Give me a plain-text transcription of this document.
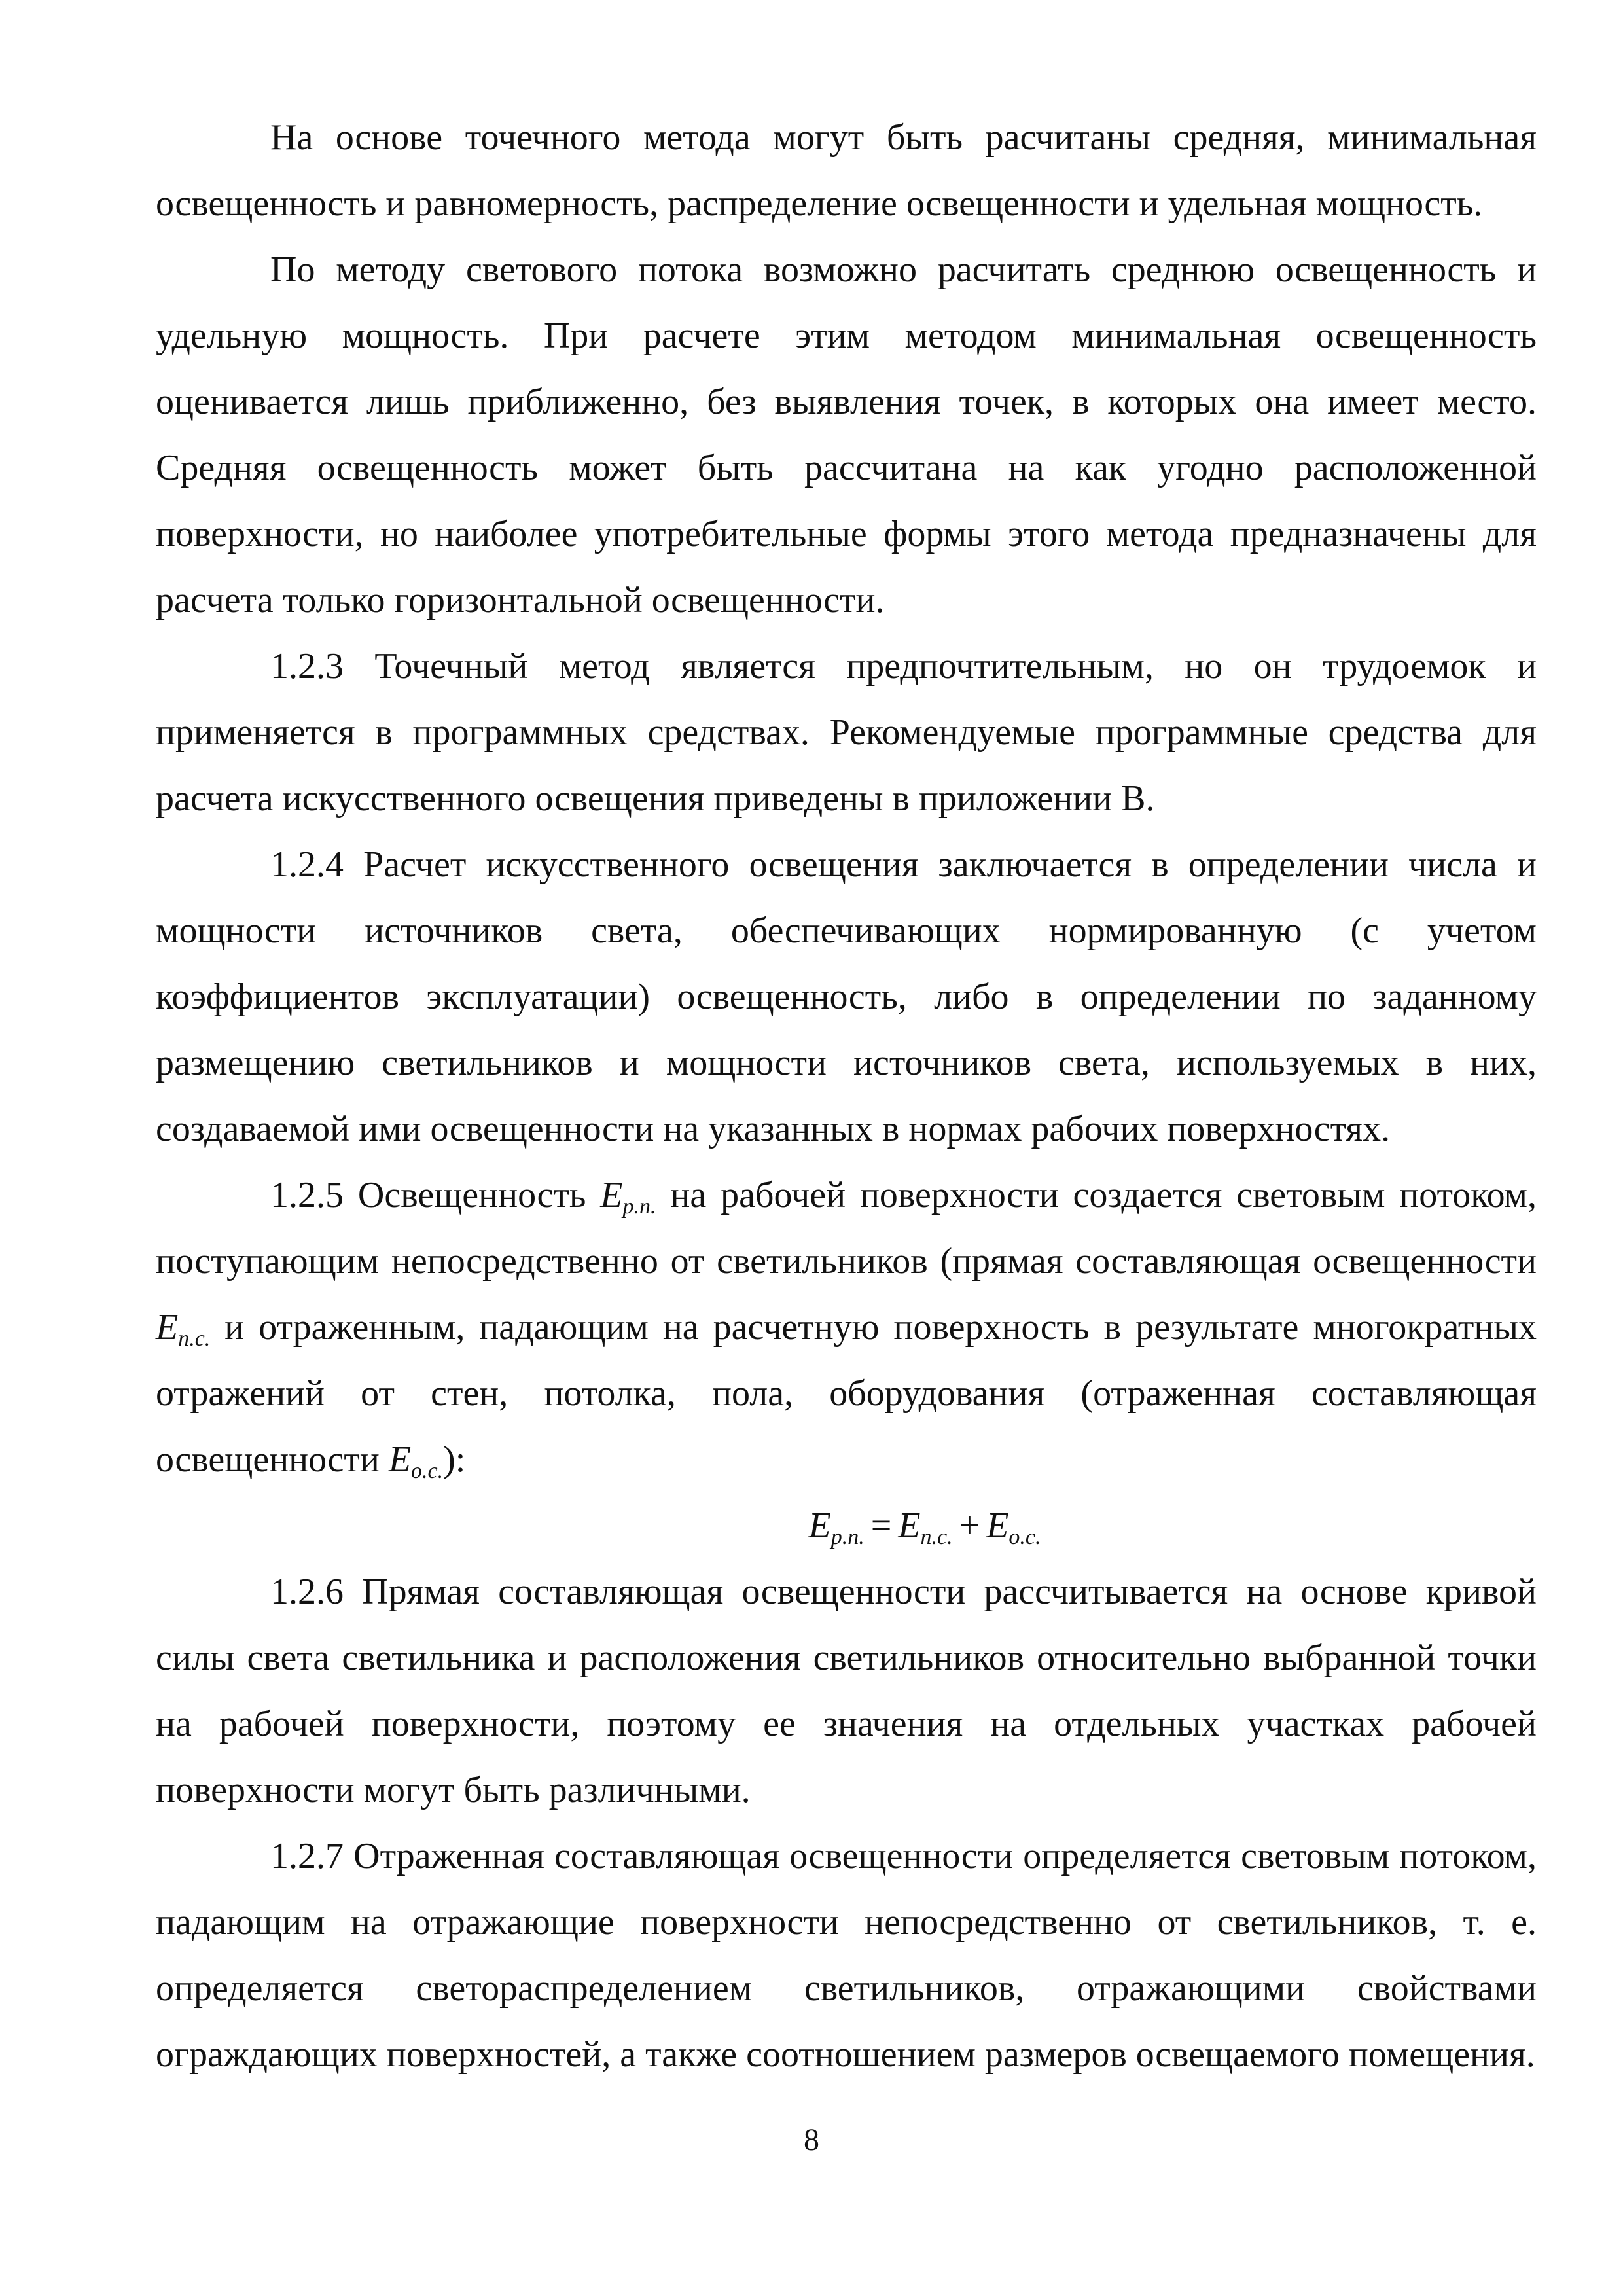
На основе точечного метода могут быть расчитаны средняя, минимальная освещенность и равномерность, распределение освещенности и удельная мощность.

По методу светового потока возможно расчитать среднюю освещенность и удельную мощность. При расчете этим методом минимальная освещенность оценивается лишь приближенно, без выявления точек, в которых она имеет место. Средняя освещенность может быть рассчитана на как угодно расположенной поверхности, но наиболее употребительные формы этого метода предназначены для расчета только горизонтальной освещенности.

1.2.3 Точечный метод является предпочтительным, но он трудоемок и применяется в программных средствах. Рекомендуемые программные средства для расчета искусственного освещения приведены в приложении В.

1.2.4 Расчет искусственного освещения заключается в определении числа и мощности источников света, обеспечивающих нормированную (с учетом коэффициентов эксплуатации) освещенность, либо в определении по заданному размещению светильников и мощности источников света, используемых в них, создаваемой ими освещенности на указанных в нормах рабочих поверхностях.

1.2.5 Освещенность $E_{р.п.}$ на рабочей поверхности создается световым потоком, поступающим непосредственно от светильников (прямая составляющая освещенности $E_{п.с.}$ и отраженным, падающим на расчетную поверхность в результате многократных отражений от стен, потолка, пола, оборудования (отраженная составляющая освещенности $E_{о.с.}$):

$E_{р.п.} = E_{п.с.} + E_{о.с.}$

1.2.6 Прямая составляющая освещенности рассчитывается на основе кривой силы света светильника и расположения светильников относительно выбранной точки на рабочей поверхности, поэтому ее значения на отдельных участках рабочей поверхности могут быть различными.

1.2.7 Отраженная составляющая освещенности определяется световым потоком, падающим на отражающие поверхности непосредственно от светильников, т. е. определяется светораспределением светильников, отражающими свойствами ограждающих поверхностей, а также соотношением размеров освещаемого помещения.

8
